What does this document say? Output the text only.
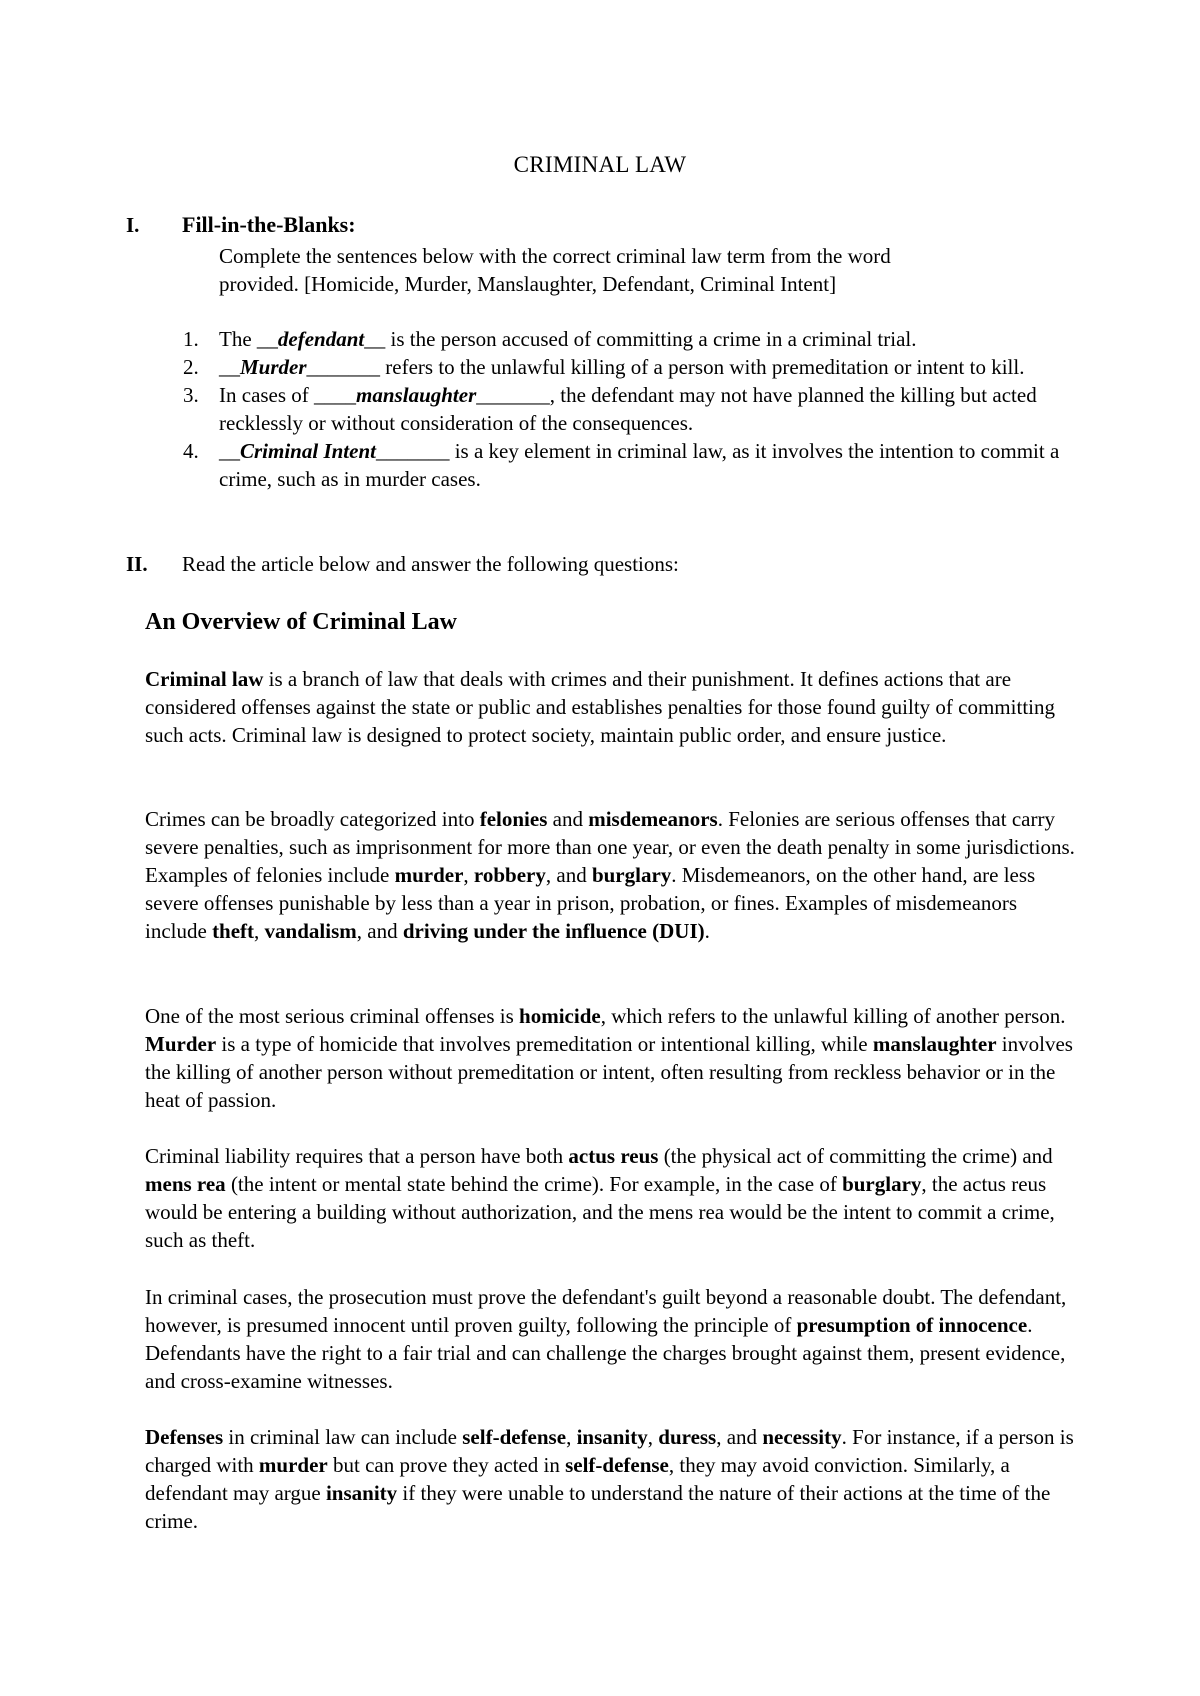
CRIMINAL LAW
I. Fill-in-the-Blanks:
Complete the sentences below with the correct criminal law term from the word
provided. [Homicide, Murder, Manslaughter, Defendant, Criminal Intent]
1. The __defendant__ is the person accused of committing a crime in a criminal trial.
2. __Murder_______ refers to the unlawful killing of a person with premeditation or intent to kill.
3. In cases of ____manslaughter_______, the defendant may not have planned the killing but acted recklessly or without consideration of the consequences.
4. __Criminal Intent_______ is a key element in criminal law, as it involves the intention to commit a crime, such as in murder cases.
II. Read the article below and answer the following questions:
An Overview of Criminal Law

Criminal law is a branch of law that deals with crimes and their punishment. It defines actions that are considered offenses against the state or public and establishes penalties for those found guilty of committing such acts. Criminal law is designed to protect society, maintain public order, and ensure justice.

Crimes can be broadly categorized into felonies and misdemeanors. Felonies are serious offenses that carry severe penalties, such as imprisonment for more than one year, or even the death penalty in some jurisdictions. Examples of felonies include murder, robbery, and burglary. Misdemeanors, on the other hand, are less severe offenses punishable by less than a year in prison, probation, or fines. Examples of misdemeanors include theft, vandalism, and driving under the influence (DUI).

One of the most serious criminal offenses is homicide, which refers to the unlawful killing of another person. Murder is a type of homicide that involves premeditation or intentional killing, while manslaughter involves the killing of another person without premeditation or intent, often resulting from reckless behavior or in the heat of passion.

Criminal liability requires that a person have both actus reus (the physical act of committing the crime) and mens rea (the intent or mental state behind the crime). For example, in the case of burglary, the actus reus would be entering a building without authorization, and the mens rea would be the intent to commit a crime, such as theft.

In criminal cases, the prosecution must prove the defendant's guilt beyond a reasonable doubt. The defendant, however, is presumed innocent until proven guilty, following the principle of presumption of innocence. Defendants have the right to a fair trial and can challenge the charges brought against them, present evidence, and cross-examine witnesses.

Defenses in criminal law can include self-defense, insanity, duress, and necessity. For instance, if a person is charged with murder but can prove they acted in self-defense, they may avoid conviction. Similarly, a defendant may argue insanity if they were unable to understand the nature of their actions at the time of the crime.
